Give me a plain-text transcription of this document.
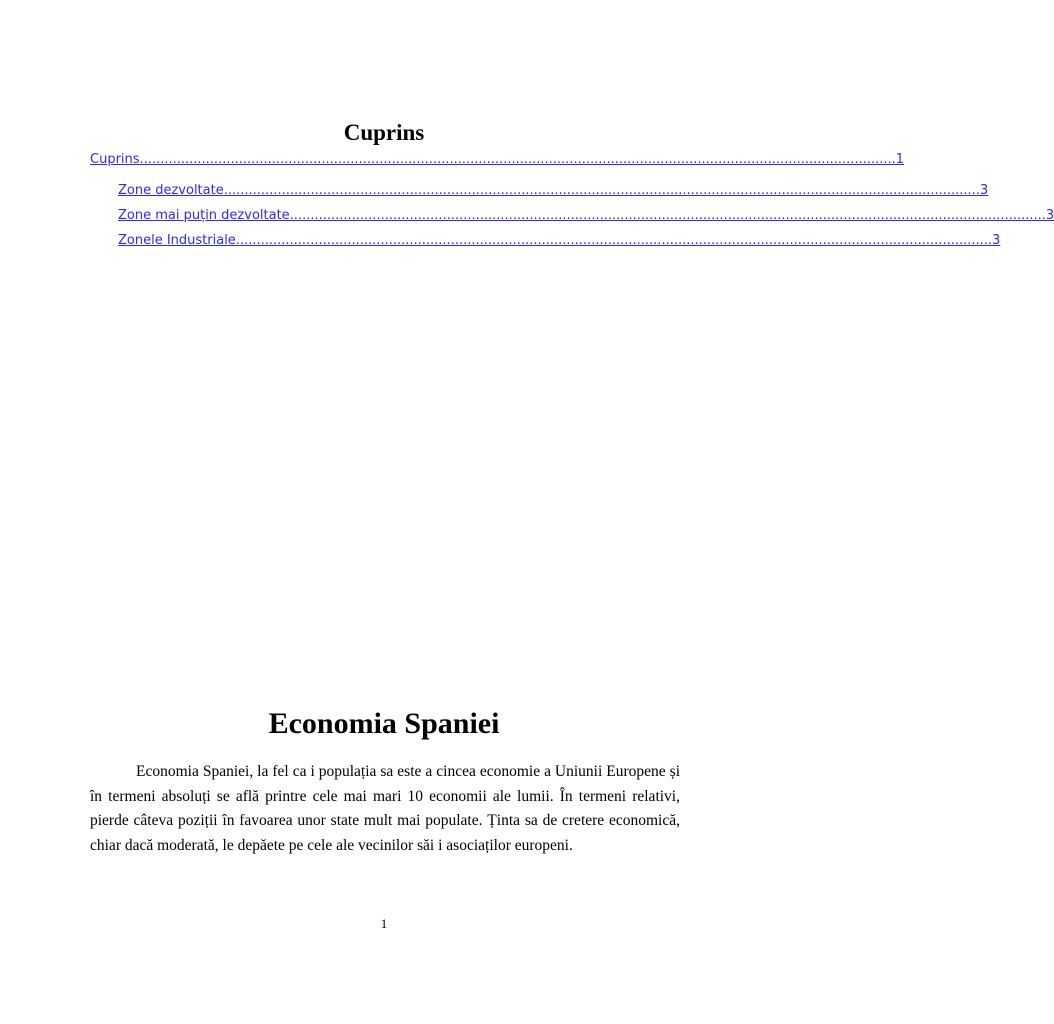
Cuprins
Cuprins ....................................................................................................................................................................................... 1
Zone dezvoltate ....................................................................................................................................................................................... 3
Zone mai puțin dezvoltate ....................................................................................................................................................................................... 3
Zonele Industriale ....................................................................................................................................................................................... 3
Economia Spaniei

Economia Spaniei, la fel ca i populația sa este a cincea economie a Uniunii Europene și în termeni absoluți se află printre cele mai mari 10 economii ale lumii. În termeni relativi, pierde câteva poziții în favoarea unor state mult mai populate. Ținta sa de cretere economică, chiar dacă moderată, le depăete pe cele ale vecinilor săi i asociaților europeni.

1
